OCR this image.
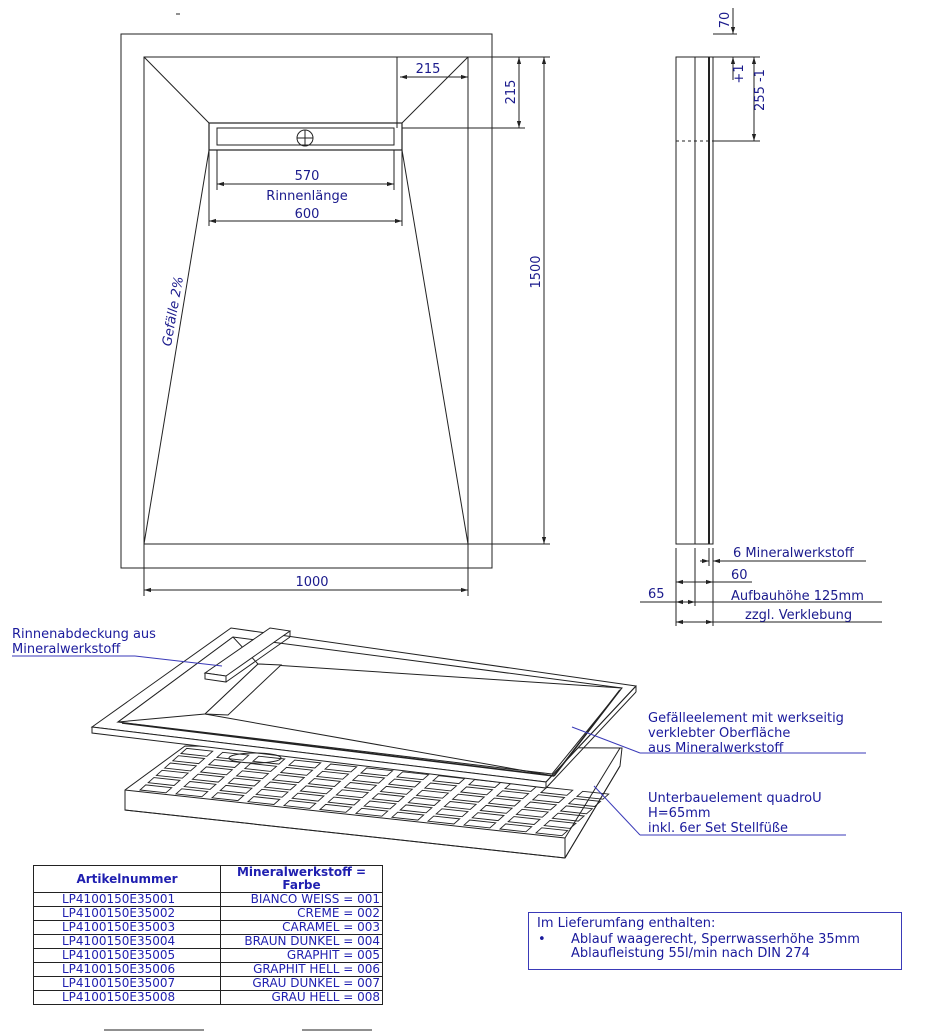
215
215
570
Rinnenlänge
600
1500
1000
Gefälle 2%
70
+1 255 -1
6 Mineralwerkstoff
60
65	Aufbauhöhe 125mm
zzgl. Verklebung
Rinnenabdeckung aus
Mineralwerkstoff
Gefälleelement mit werkseitig
verklebter Oberfläche
aus Mineralwerkstoff
Unterbauelement quadroU
H=65mm
inkl. 6er Set Stellfüße
Artikelnummer	Mineralwerkstoff =
Farbe
LP4100150E35001	BIANCO WEISS = 001
LP4100150E35002	CREME = 002
LP4100150E35003	CARAMEL = 003
LP4100150E35004	BRAUN DUNKEL = 004
LP4100150E35005	GRAPHIT = 005
LP4100150E35006	GRAPHIT HELL = 006
LP4100150E35007	GRAU DUNKEL = 007
LP4100150E35008	GRAU HELL = 008
Im Lieferumfang enthalten:
• Ablauf waagerecht, Sperrwasserhöhe 35mm
Ablaufleistung 55l/min nach DIN 274
